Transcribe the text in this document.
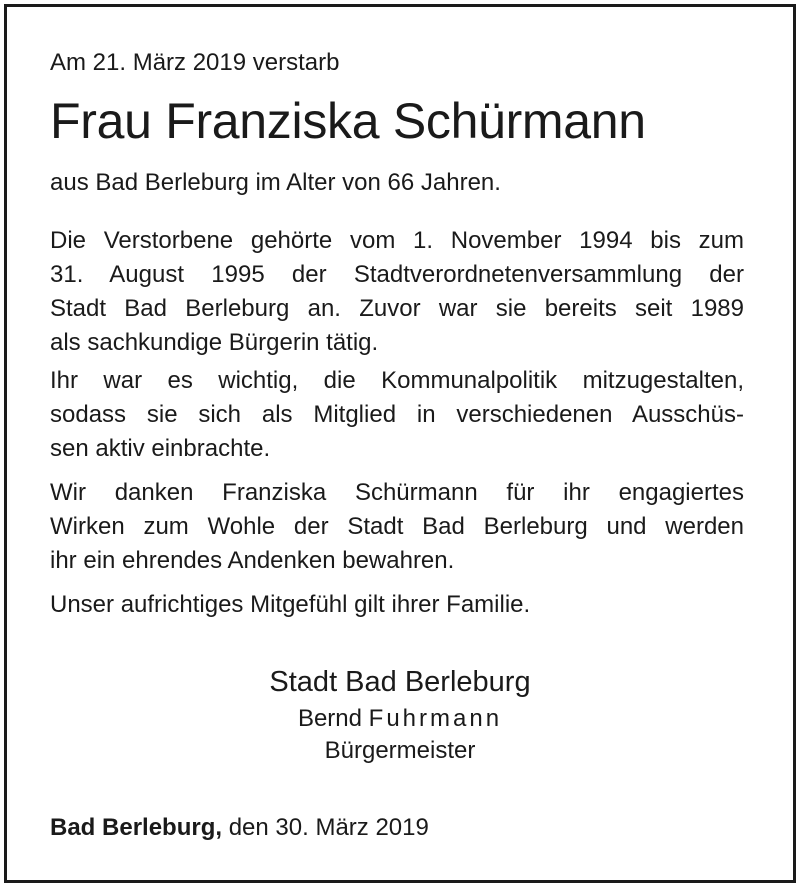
Am 21. März 2019 verstarb
Frau Franziska Schürmann
aus Bad Berleburg im Alter von 66 Jahren.

Die Verstorbene gehörte vom 1. November 1994 bis zum
31. August 1995 der Stadtverordnetenversammlung der
Stadt Bad Berleburg an. Zuvor war sie bereits seit 1989
als sachkundige Bürgerin tätig.

Ihr war es wichtig, die Kommunalpolitik mitzugestalten,
sodass sie sich als Mitglied in verschiedenen Ausschüs-
sen aktiv einbrachte.

Wir danken Franziska Schürmann für ihr engagiertes
Wirken zum Wohle der Stadt Bad Berleburg und werden
ihr ein ehrendes Andenken bewahren.

Unser aufrichtiges Mitgefühl gilt ihrer Familie.

Stadt Bad Berleburg
Bernd Fuhrmann
Bürgermeister
Bad Berleburg, den 30. März 2019
